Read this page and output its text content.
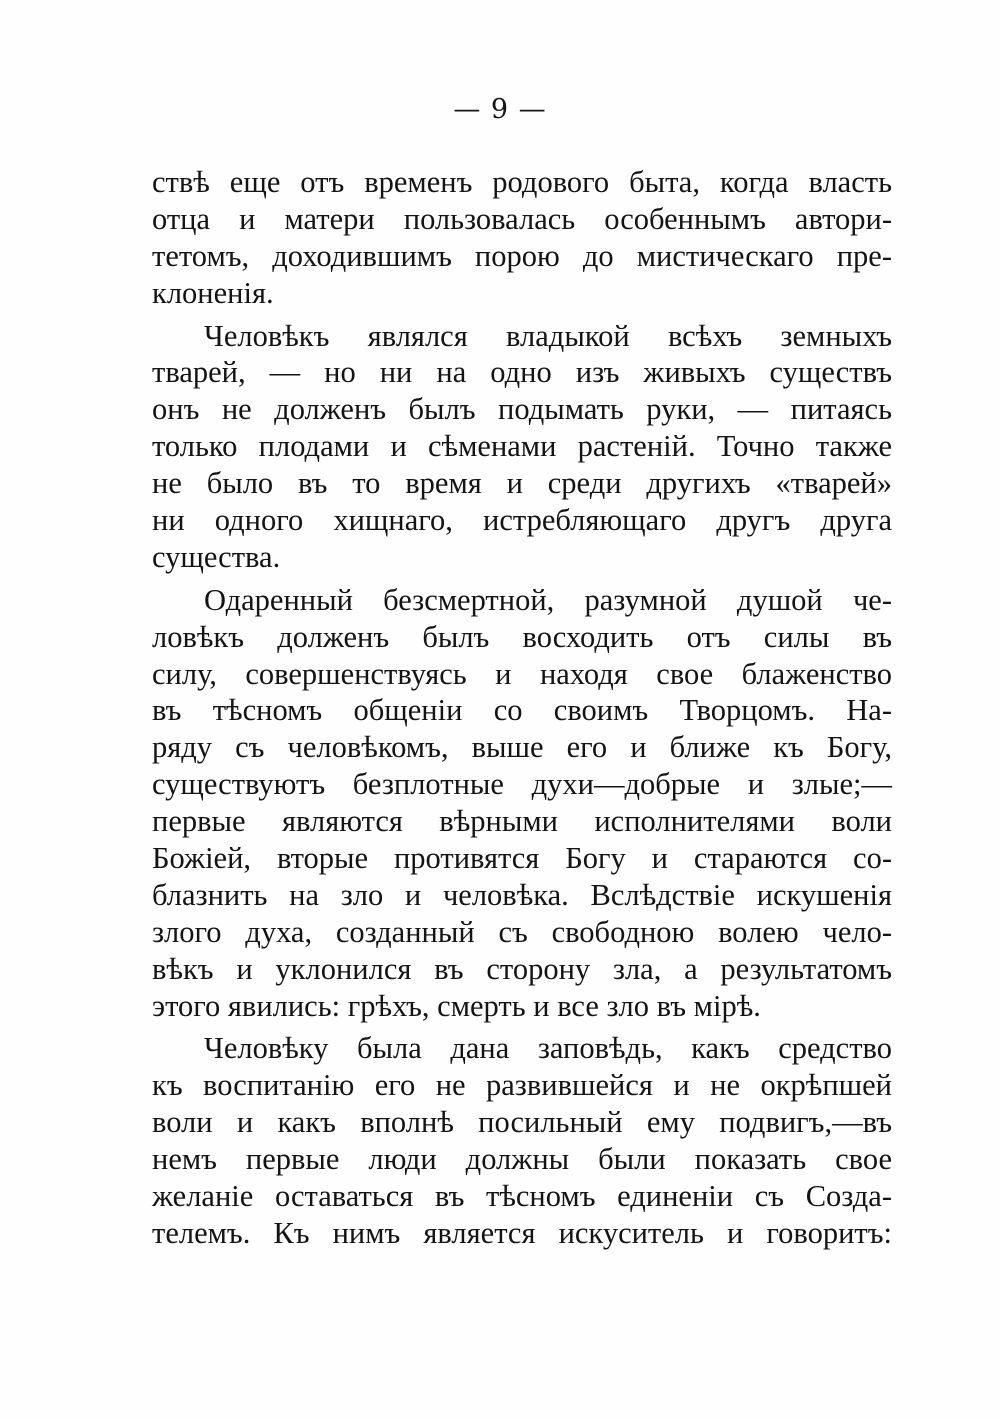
— 9 —
ствѣ еще отъ временъ родового быта, когда власть
отца и матери пользовалась особеннымъ автори-
тетомъ, доходившимъ порою до мистическаго пре-
клоненія.
Человѣкъ являлся владыкой всѣхъ земныхъ
тварей, — но ни на одно изъ живыхъ существъ
онъ не долженъ былъ подымать руки, — питаясь
только плодами и сѣменами растеній. Точно также
не было въ то время и среди другихъ «тварей»
ни одного хищнаго, истребляющаго другъ друга
существа.
Одаренный безсмертной, разумной душой че-
ловѣкъ долженъ былъ восходить отъ силы въ
силу, совершенствуясь и находя свое блаженство
въ тѣсномъ общеніи со своимъ Творцомъ. На-
ряду съ человѣкомъ, выше его и ближе къ Богу,
существуютъ безплотные духи—добрые и злые;—
первые являются вѣрными исполнителями воли
Божіей, вторые противятся Богу и стараются со-
блазнить на зло и человѣка. Вслѣдствіе искушенія
злого духа, созданный съ свободною волею чело-
вѣкъ и уклонился въ сторону зла, а результатомъ
этого явились: грѣхъ, смерть и все зло въ мірѣ.
Человѣку была дана заповѣдь, какъ средство
къ воспитанію его не развившейся и не окрѣпшей
воли и какъ вполнѣ посильный ему подвигъ,—въ
немъ первые люди должны были показать свое
желаніе оставаться въ тѣсномъ единеніи съ Созда-
телемъ. Къ нимъ является искуситель и говоритъ:
